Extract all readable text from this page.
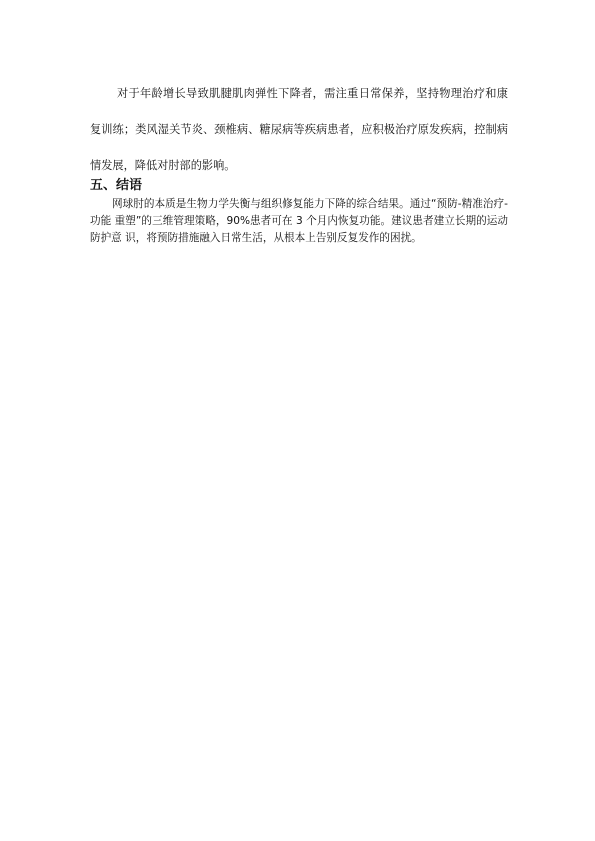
对于年龄增长导致肌腱肌肉弹性下降者，需注重日常保养，坚持物理治疗和康复训练；类风湿关节炎、颈椎病、糖尿病等疾病患者，应积极治疗原发疾病，控制病情发展，降低对肘部的影响。

五、结语

网球肘的本质是生物力学失衡与组织修复能力下降的综合结果。通过“预防-精准治疗-功能 重塑”的三维管理策略，90%患者可在 3 个月内恢复功能。建议患者建立长期的运动防护意 识，将预防措施融入日常生活，从根本上告别反复发作的困扰。
